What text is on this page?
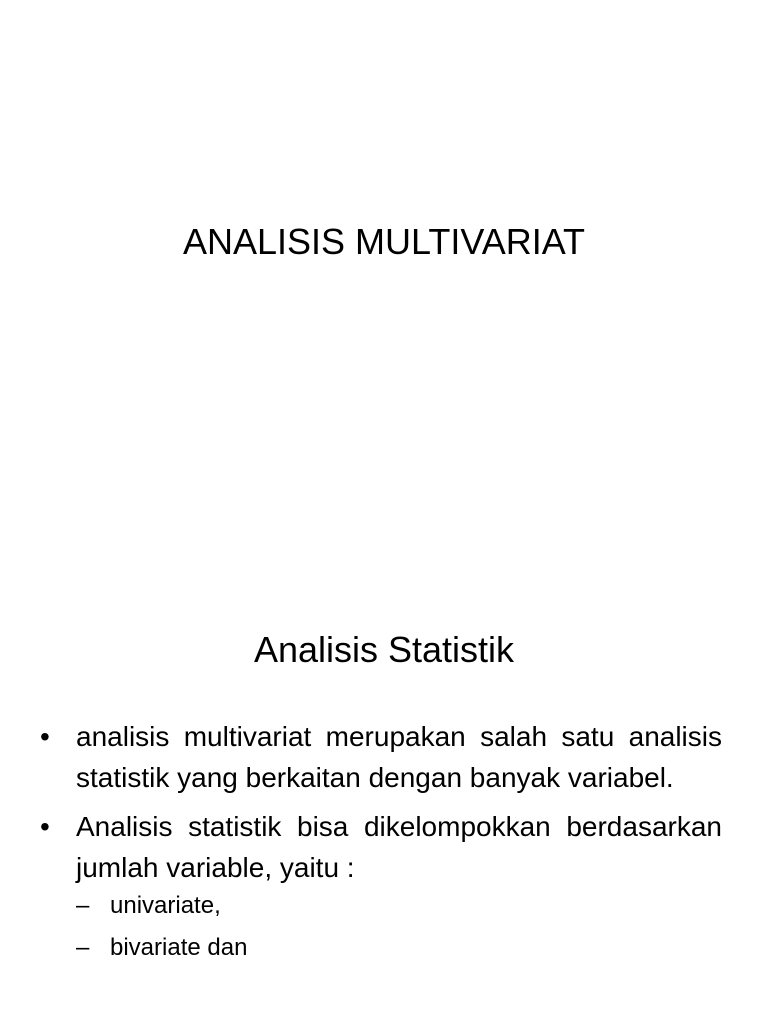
ANALISIS MULTIVARIAT
Analisis Statistik
• analisis multivariat merupakan salah satu analisis statistik yang berkaitan dengan banyak variabel.
• Analisis statistik bisa dikelompokkan berdasarkan jumlah variable, yaitu :
– univariate,
– bivariate dan
